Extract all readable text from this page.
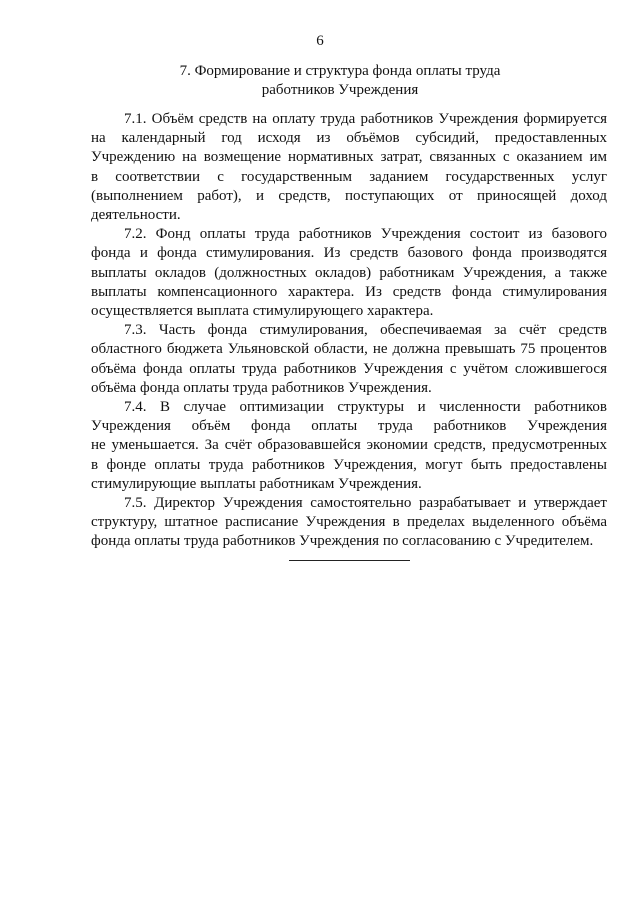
6
7. Формирование и структура фонда оплаты труда
работников Учреждения
7.1. Объём средств на оплату труда работников Учреждения формируется
на календарный год исходя из объёмов субсидий, предоставленных
Учреждению на возмещение нормативных затрат, связанных с оказанием им
в соответствии с государственным заданием государственных услуг
(выполнением работ), и средств, поступающих от приносящей доход
деятельности.
7.2. Фонд оплаты труда работников Учреждения состоит из базового
фонда и фонда стимулирования. Из средств базового фонда производятся
выплаты окладов (должностных окладов) работникам Учреждения, а также
выплаты компенсационного характера. Из средств фонда стимулирования
осуществляется выплата стимулирующего характера.
7.3. Часть фонда стимулирования, обеспечиваемая за счёт средств
областного бюджета Ульяновской области, не должна превышать 75 процентов
объёма фонда оплаты труда работников Учреждения с учётом сложившегося
объёма фонда оплаты труда работников Учреждения.
7.4. В случае оптимизации структуры и численности работников
Учреждения объём фонда оплаты труда работников Учреждения
не уменьшается. За счёт образовавшейся экономии средств, предусмотренных
в фонде оплаты труда работников Учреждения, могут быть предоставлены
стимулирующие выплаты работникам Учреждения.
7.5. Директор Учреждения самостоятельно разрабатывает и утверждает
структуру, штатное расписание Учреждения в пределах выделенного объёма
фонда оплаты труда работников Учреждения по согласованию с Учредителем.
